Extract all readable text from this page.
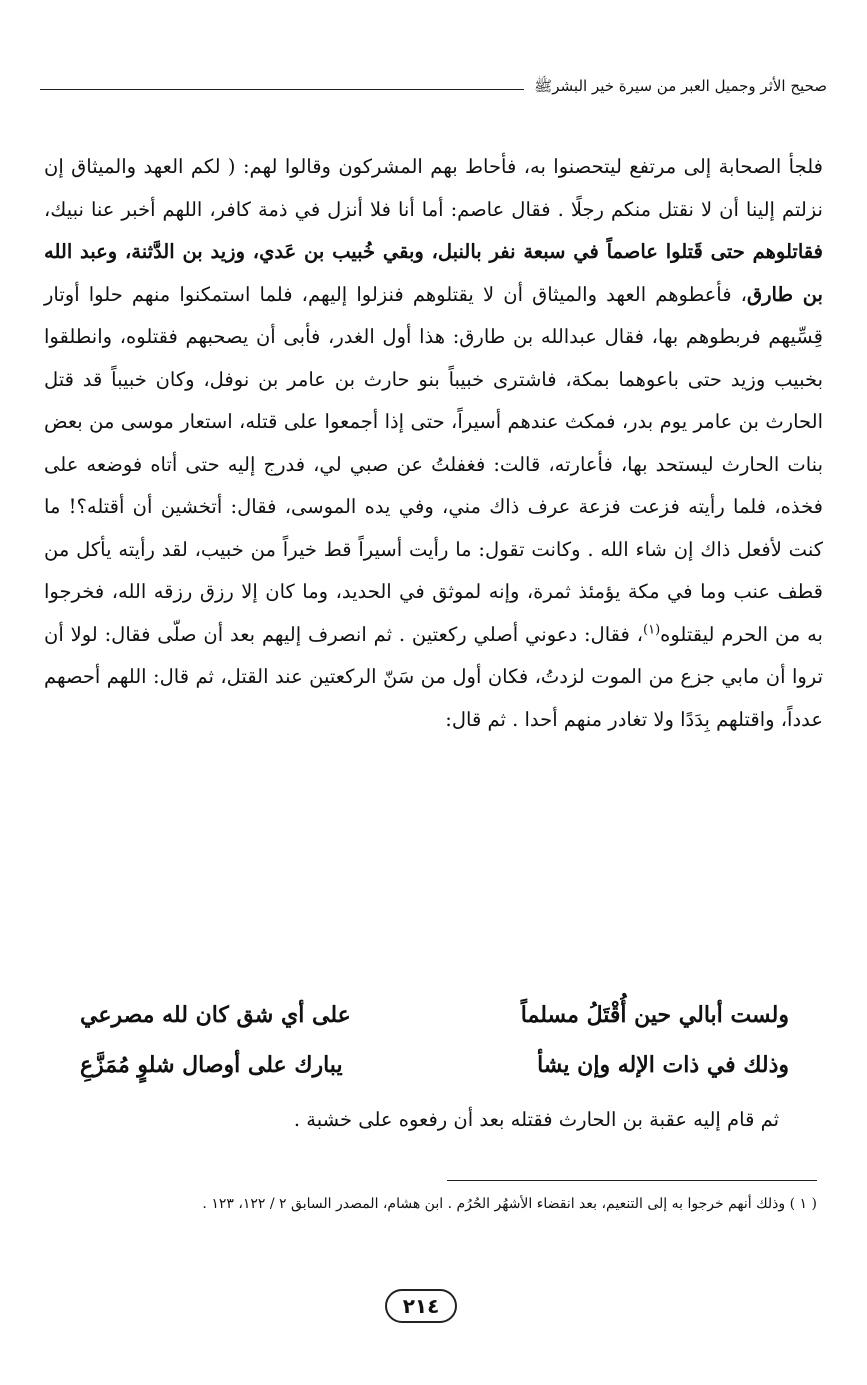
صحيح الأثر وجميل العبر من سيرة خير البشرﷺ
فلجأ الصحابة إلى مرتفع ليتحصنوا به، فأحاط بهم المشركون وقالوا لهم: ( لكم العهد والميثاق إن نزلتم إلينا أن لا نقتل منكم رجلًا . فقال عاصم: أما أنا فلا أنزل في ذمة كافر، اللهم أخبر عنا نبيك، فقاتلوهم حتى قَتلوا عاصماً في سبعة نفر بالنبل، وبقي خُبيب بن عَدي، وزيد بن الدَّثنة، وعبد الله بن طارق، فأعطوهم العهد والميثاق أن لا يقتلوهم فنزلوا إليهم، فلما استمكنوا منهم حلوا أوتار قِسِّيهم فربطوهم بها، فقال عبدالله بن طارق: هذا أول الغدر، فأبى أن يصحبهم فقتلوه، وانطلقوا بخبيب وزيد حتى باعوهما بمكة، فاشترى خبيباً بنو حارث بن عامر بن نوفل، وكان خبيباً قد قتل الحارث بن عامر يوم بدر، فمكث عندهم أسيراً، حتى إذا أجمعوا على قتله، استعار موسى من بعض بنات الحارث ليستحد بها، فأعارته، قالت: فغفلتُ عن صبي لي، فدرج إليه حتى أتاه فوضعه على فخذه، فلما رأيته فزعت فزعة عرف ذاك مني، وفي يده الموسى، فقال: أتخشين أن أقتله؟! ما كنت لأفعل ذاك إن شاء الله . وكانت تقول: ما رأيت أسيراً قط خيراً من خبيب، لقد رأيته يأكل من قطف عنب وما في مكة يؤمئذ ثمرة، وإنه لموثق في الحديد، وما كان إلا رزق رزقه الله، فخرجوا به من الحرم ليقتلوه$^{(١)}$، فقال: دعوني أصلي ركعتين . ثم انصرف إليهم بعد أن صلّى فقال: لولا أن تروا أن مابي جزع من الموت لزدتُ، فكان أول من سَنّ الركعتين عند القتل، ثم قال: اللهم أحصهم عدداً، واقتلهم بِدَدًا ولا تغادر منهم أحدا . ثم قال:
ولست أبالي حين أُقْتَلُ مسلماً
على أي شق كان لله مصرعي
وذلك في ذات الإله وإن يشأ
يبارك على أوصال شلوٍ مُمَزَّعِ
ثم قام إليه عقبة بن الحارث فقتله بعد أن رفعوه على خشبة .
( ١ ) وذلك أنهم خرجوا به إلى التنعيم، بعد انقضاء الأشهُر الحُرُم . ابن هشام، المصدر السابق ٢ / ١٢٢، ١٢٣ .
٢١٤
